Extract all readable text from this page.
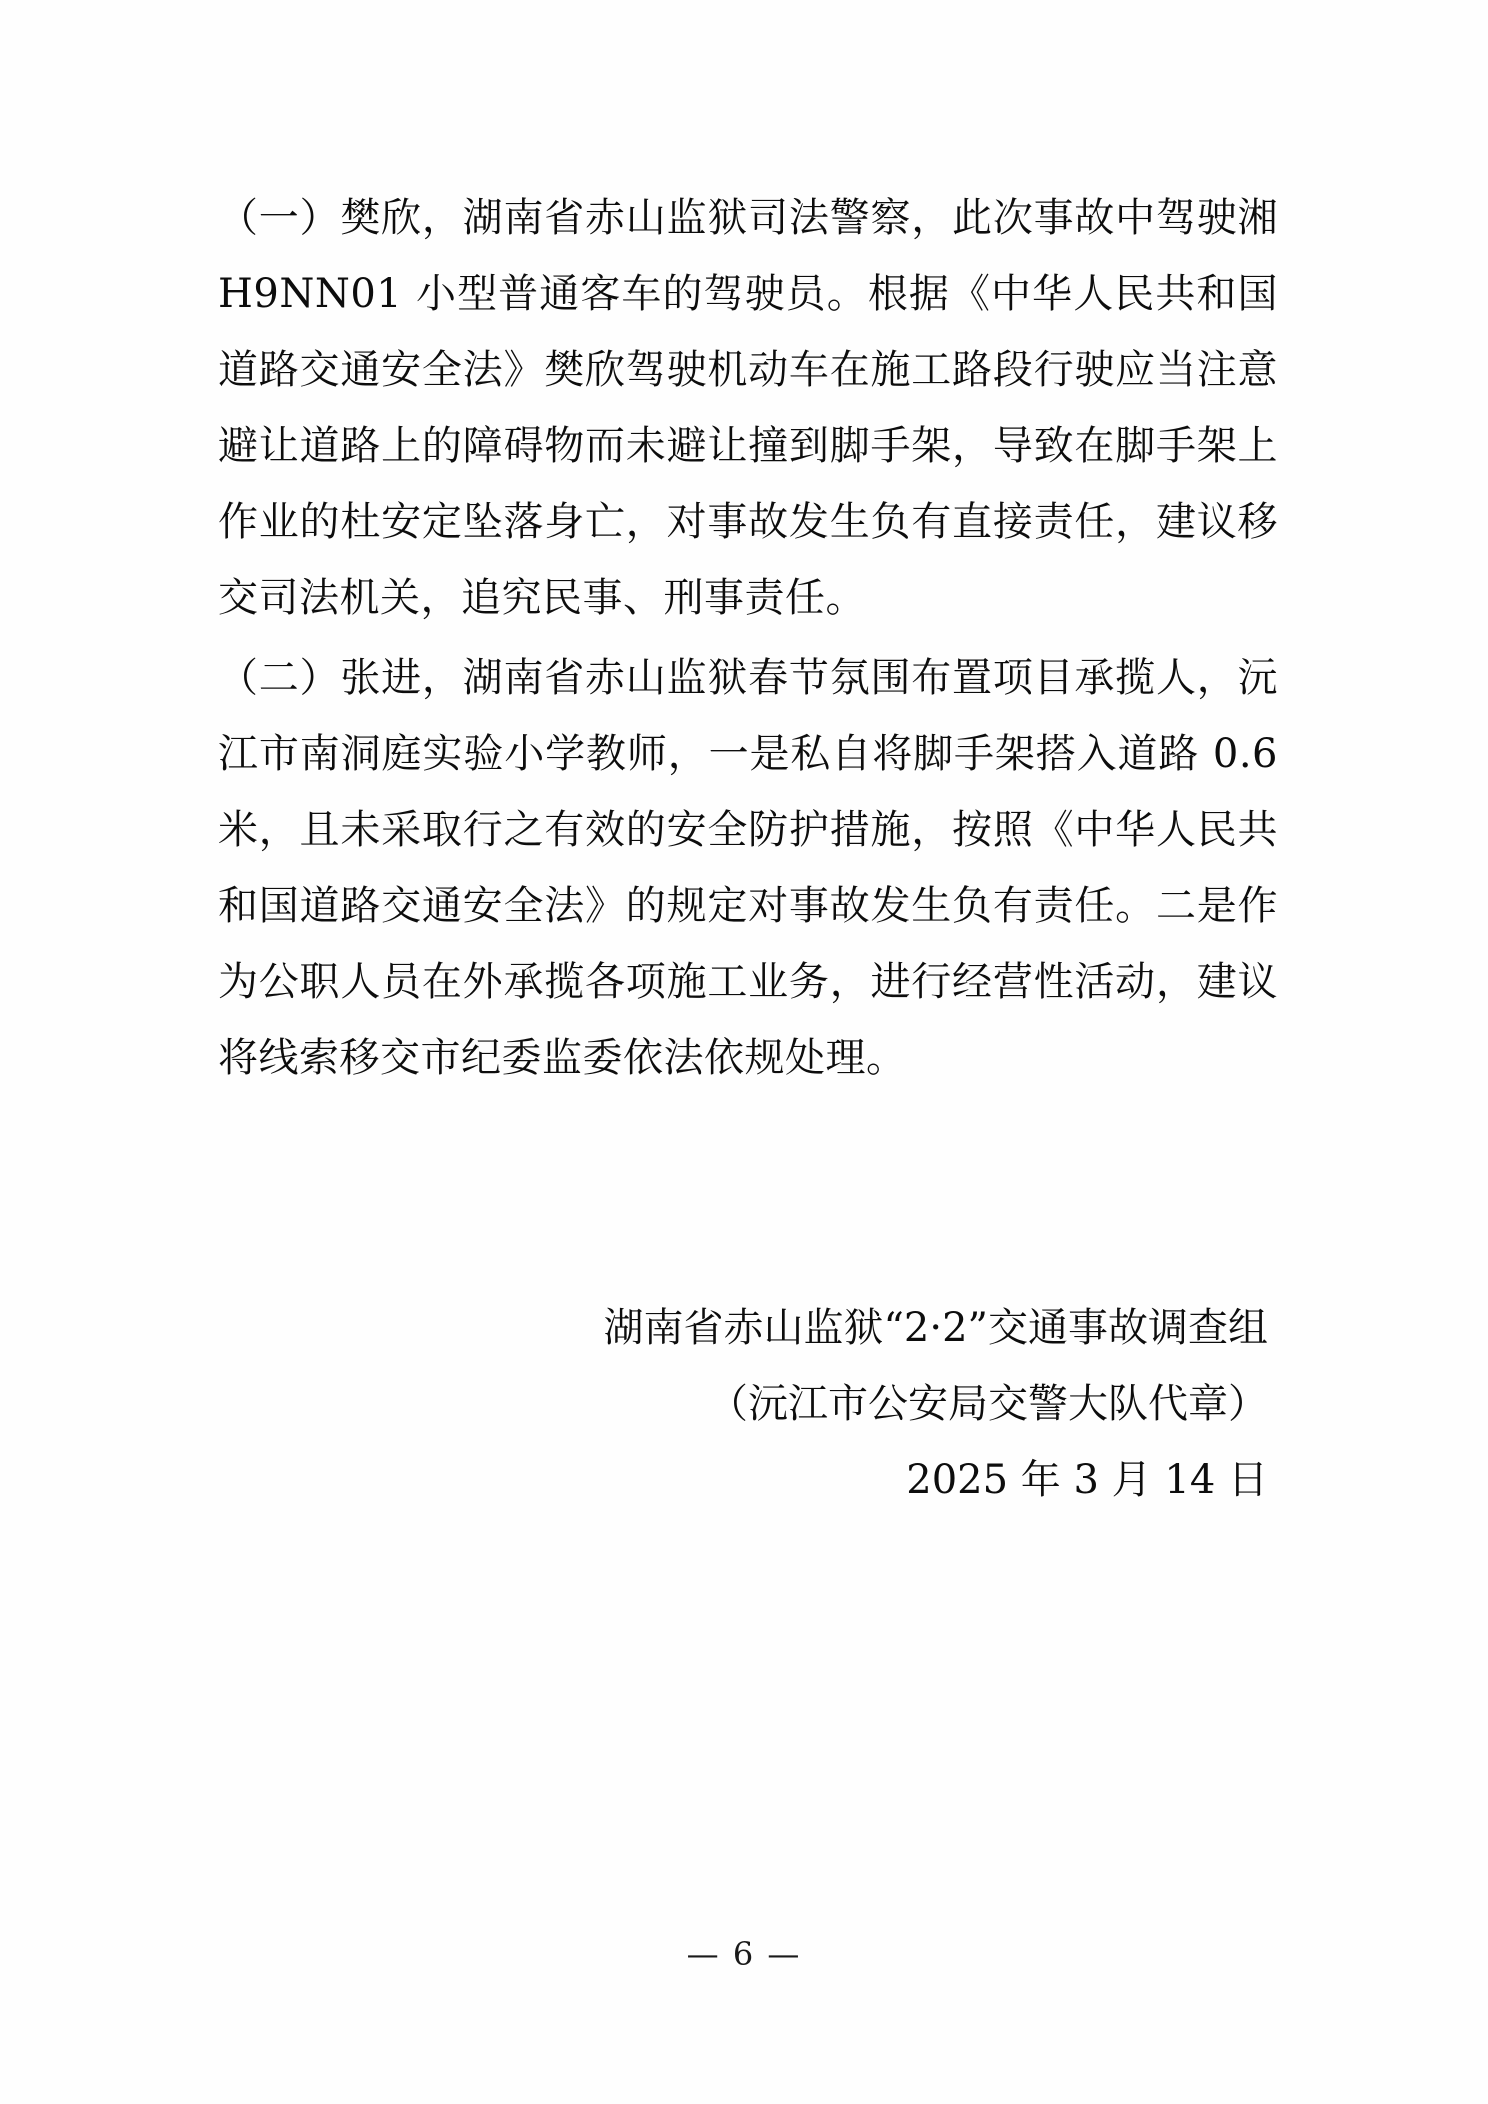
（一）樊欣，湖南省赤山监狱司法警察，此次事故中驾驶湘 H9NN01 小型普通客车的驾驶员。根据《中华人民共和国道路交通安全法》樊欣驾驶机动车在施工路段行驶应当注意避让道路上的障碍物而未避让撞到脚手架，导致在脚手架上作业的杜安定坠落身亡，对事故发生负有直接责任，建议移交司法机关，追究民事、刑事责任。

（二）张进，湖南省赤山监狱春节氛围布置项目承揽人，沅江市南洞庭实验小学教师，一是私自将脚手架搭入道路 0.6 米，且未采取行之有效的安全防护措施，按照《中华人民共和国道路交通安全法》的规定对事故发生负有责任。二是作为公职人员在外承揽各项施工业务，进行经营性活动，建议将线索移交市纪委监委依法依规处理。

湖南省赤山监狱“2·2”交通事故调查组
（沅江市公安局交警大队代章）
2025 年 3 月 14 日
— 6 —
